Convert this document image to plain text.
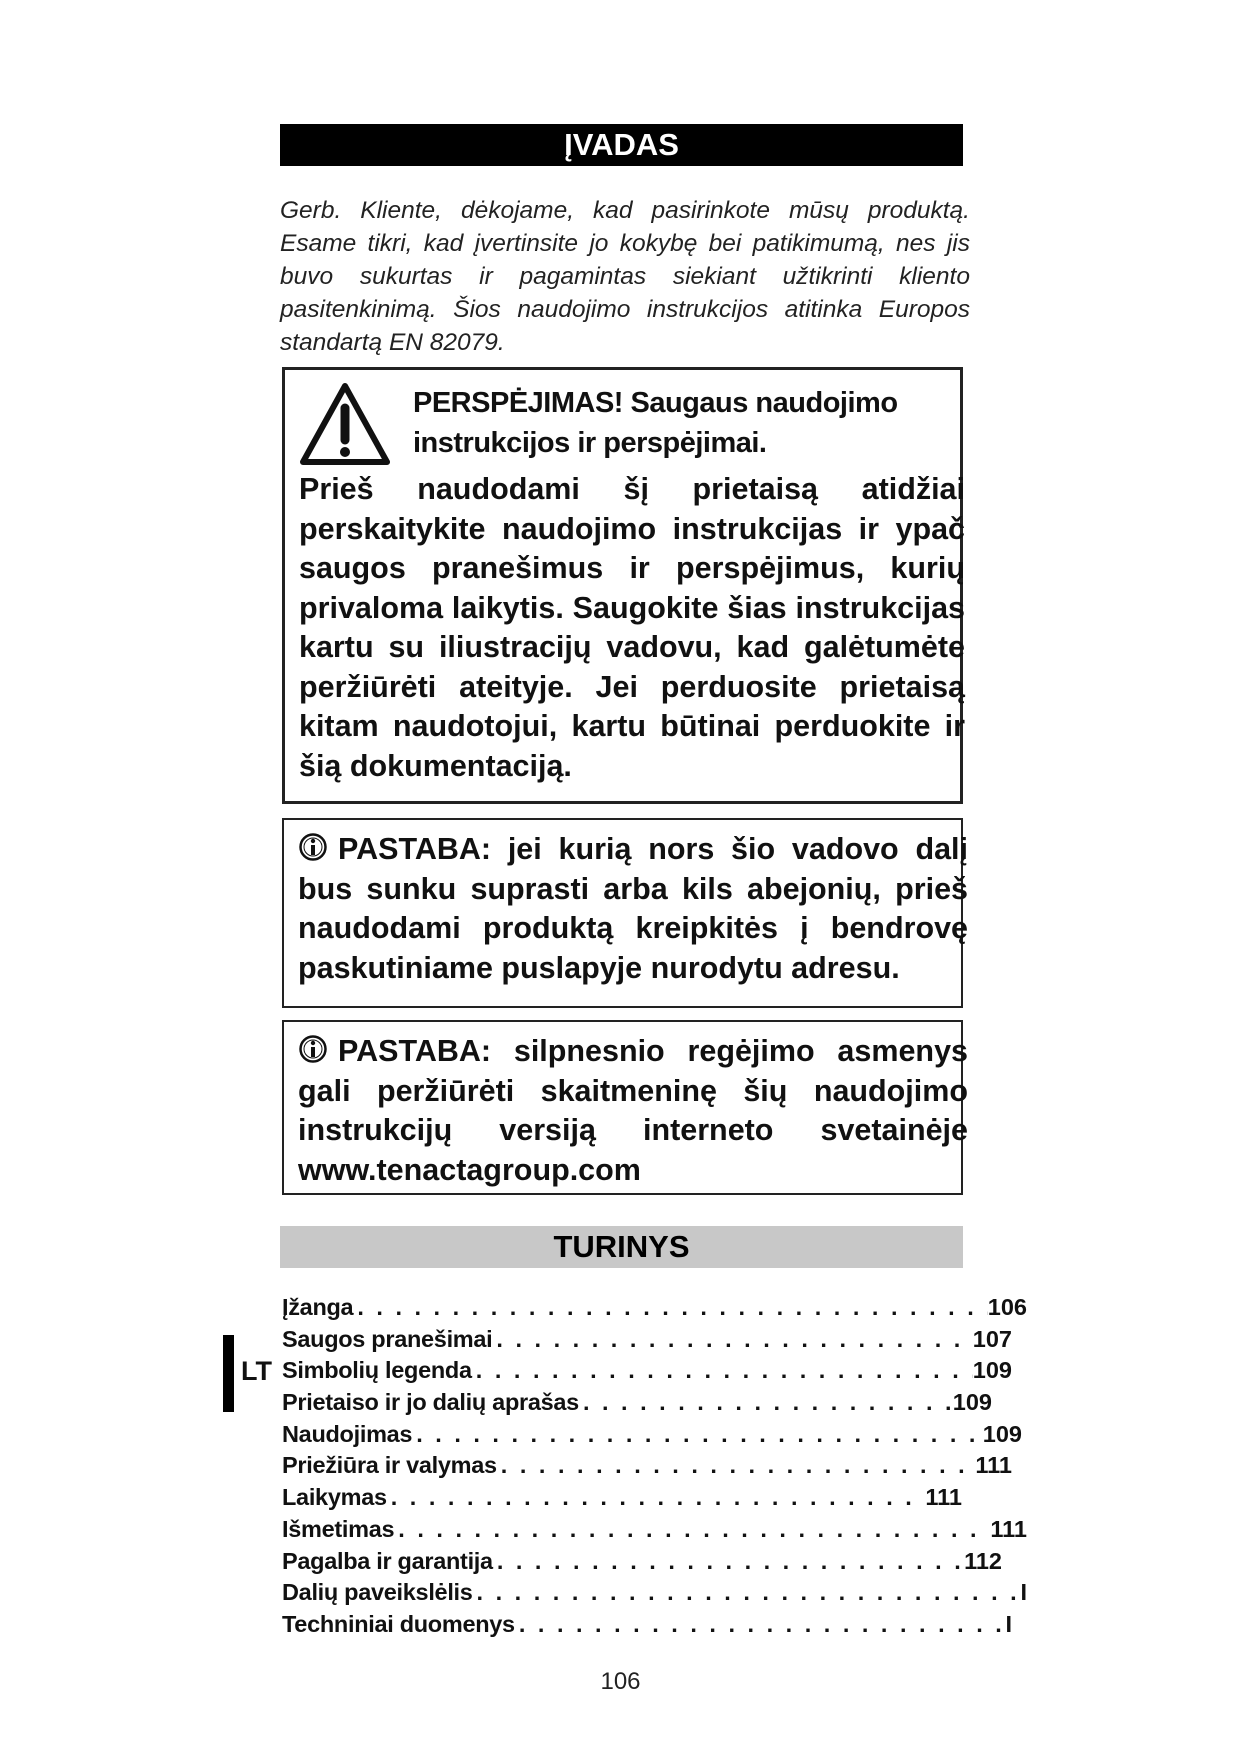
ĮVADAS

Gerb. Kliente, dėkojame, kad pasirinkote mūsų produktą. Esame tikri, kad įvertinsite jo kokybę bei patikimumą, nes jis buvo sukurtas ir pagamintas siekiant užtikrinti kliento pasitenkinimą. Šios naudojimo instrukcijos atitinka Europos standartą EN 82079.

PERSPĖJIMAS! Saugaus naudojimo instrukcijos ir perspėjimai.
Prieš naudodami šį prietaisą atidžiai perskaitykite naudojimo instrukcijas ir ypač saugos pranešimus ir perspėjimus, kurių privaloma laikytis. Saugokite šias instrukcijas kartu su iliustracijų vadovu, kad galėtumėte peržiūrėti ateityje. Jei perduosite prietaisą kitam naudotojui, kartu būtinai perduokite ir šią dokumentaciją.
PASTABA: jei kurią nors šio vadovo dalį bus sunku suprasti arba kils abejonių, prieš naudodami produktą kreipkitės į bendrovę paskutiniame puslapyje nurodytu adresu.
PASTABA: silpnesnio regėjimo asmenys gali peržiūrėti skaitmeninę šių naudojimo instrukcijų versiją interneto svetainėje www.tenactagroup.com
TURINYS
LT
Įžanga . . .	106
Saugos pranešimai . . .	107
Simbolių legenda . . .	109
Prietaiso ir jo dalių aprašas . . .	109
Naudojimas . . .	109
Priežiūra ir valymas . . .	111
Laikymas . . .	111
Išmetimas . . .	111
Pagalba ir garantija . . .	112
Dalių paveikslėlis . . .	I
Techniniai duomenys . . .	I
106
